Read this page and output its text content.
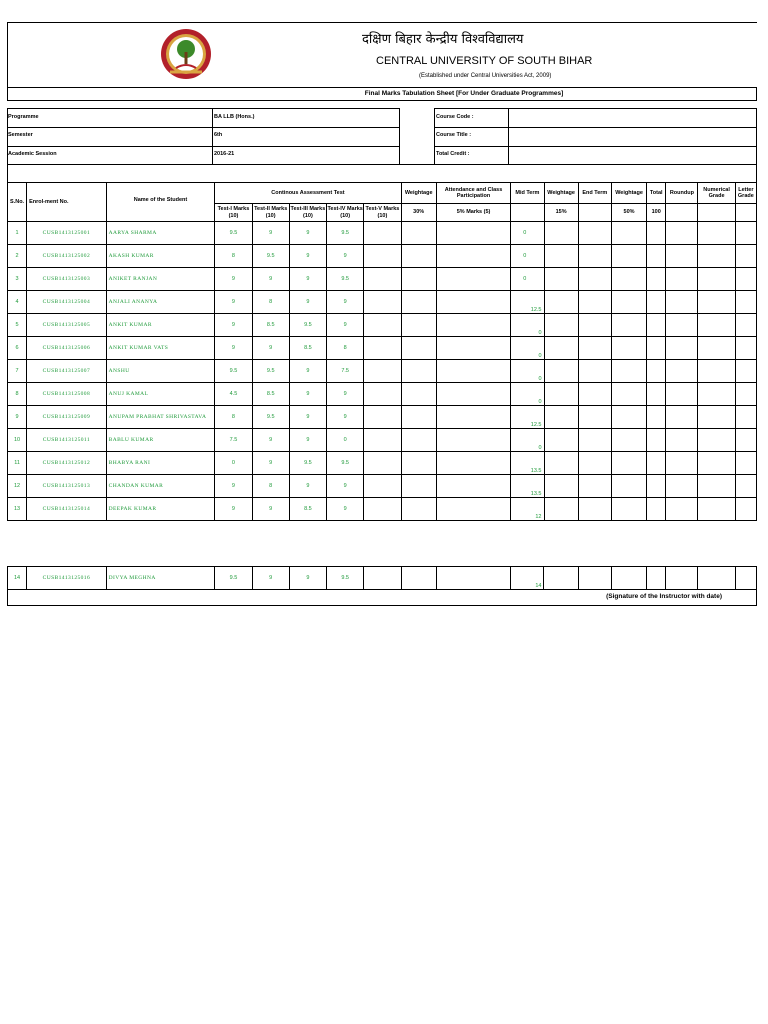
दक्षिण बिहार केन्द्रीय विश्वविद्यालय
CENTRAL UNIVERSITY OF SOUTH BIHAR
(Established under Central Universities Act, 2009)
Final Marks Tabulation Sheet [For Under Graduate Programmes]
Programme	BA LLB (Hons.)
Semester	6th
Academic Session	2016-21
Course Code :
Course Title :
Total Credit :
S.No.	Enrol-ment No.	Name of the Student	Continous Assessment Test					Weightage	Attendance and Class Participation	Mid Term	Weightage	End Term	Weightage	Total	Roundup	Numerical Grade	Letter Grade
			Test-I Marks (10)	Test-II Marks (10)	Test-III Marks (10)	Test-IV Marks (10)	Test-V Marks (10)	30%	5% Marks (5)		15%		50%	100			
1	CUSB1413125001	AARYA SHARMA	9.5	9	9	9.5				0							
2	CUSB1413125002	AKASH KUMAR	8	9.5	9	9				0							
3	CUSB1413125003	ANIKET RANJAN	9	9	9	9.5				0							
4	CUSB1413125004	ANJALI ANANYA	9	8	9	9				12.5							
5	CUSB1413125005	ANKIT KUMAR	9	8.5	9.5	9				0							
6	CUSB1413125006	ANKIT KUMAR VATS	9	9	8.5	8				0							
7	CUSB1413125007	ANSHU	9.5	9.5	9	7.5				0							
8	CUSB1413125008	ANUJ KAMAL	4.5	8.5	9	9				0							
9	CUSB1413125009	ANUPAM PRABHAT SHRIVASTAVA	8	9.5	9	9				12.5							
10	CUSB1413125011	BABLU KUMAR	7.5	9	9	0				0							
11	CUSB1413125012	BHABYA RANI	0	9	9.5	9.5				13.5							
12	CUSB1413125013	CHANDAN KUMAR	9	8	9	9				13.5							
13	CUSB1413125014	DEEPAK KUMAR	9	9	8.5	9				12							
14	CUSB1413125016	DIVYA MEGHNA	9.5	9	9	9.5				14							
(Signature of the Instructor with date)
